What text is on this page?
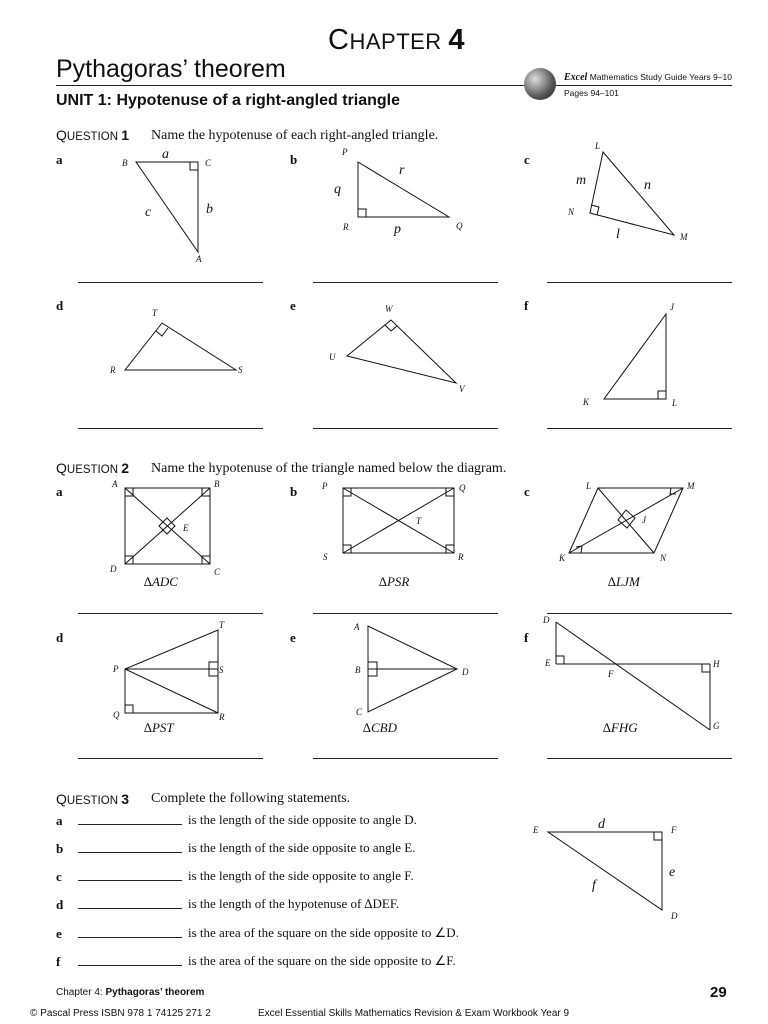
CHAPTER 4
Pythagoras’ theorem
UNIT 1: Hypotenuse of a right-angled triangle
Excel Mathematics Study Guide Years 9–10
Pages 94–101
QUESTION 1 Name the hypotenuse of each right-angled triangle.
a	b	c
d	e	f
B	C
A
a
b
c
P
R	Q
r
q
p
L
N
M
m	n
l
T
R	S
W
U
V
J
K	L
QUESTION 2 Name the hypotenuse of the triangle named below the diagram.
a	b	c
d	e	f
A	B
D	C
E
P	Q
S	R
T
L	M
K	N
J
T
P	S
Q	R
A
B	D
C
D
E	H
F
G
∆ADC	∆PSR	∆LJM
∆PST	∆CBD	∆FHG
QUESTION 3 Complete the following statements.
a	is the length of the side opposite to angle D.
b	is the length of the side opposite to angle E.
c	is the length of the side opposite to angle F.
d	is the length of the hypotenuse of ∆DEF.
e	is the area of the square on the side opposite to ∠D.
f	is the area of the square on the side opposite to ∠F.
E	F
D
d
e
f
Chapter 4: Pythagoras’ theorem	29
© Pascal Press ISBN 978 1 74125 271 2	Excel Essential Skills Mathematics Revision & Exam Workbook Year 9
